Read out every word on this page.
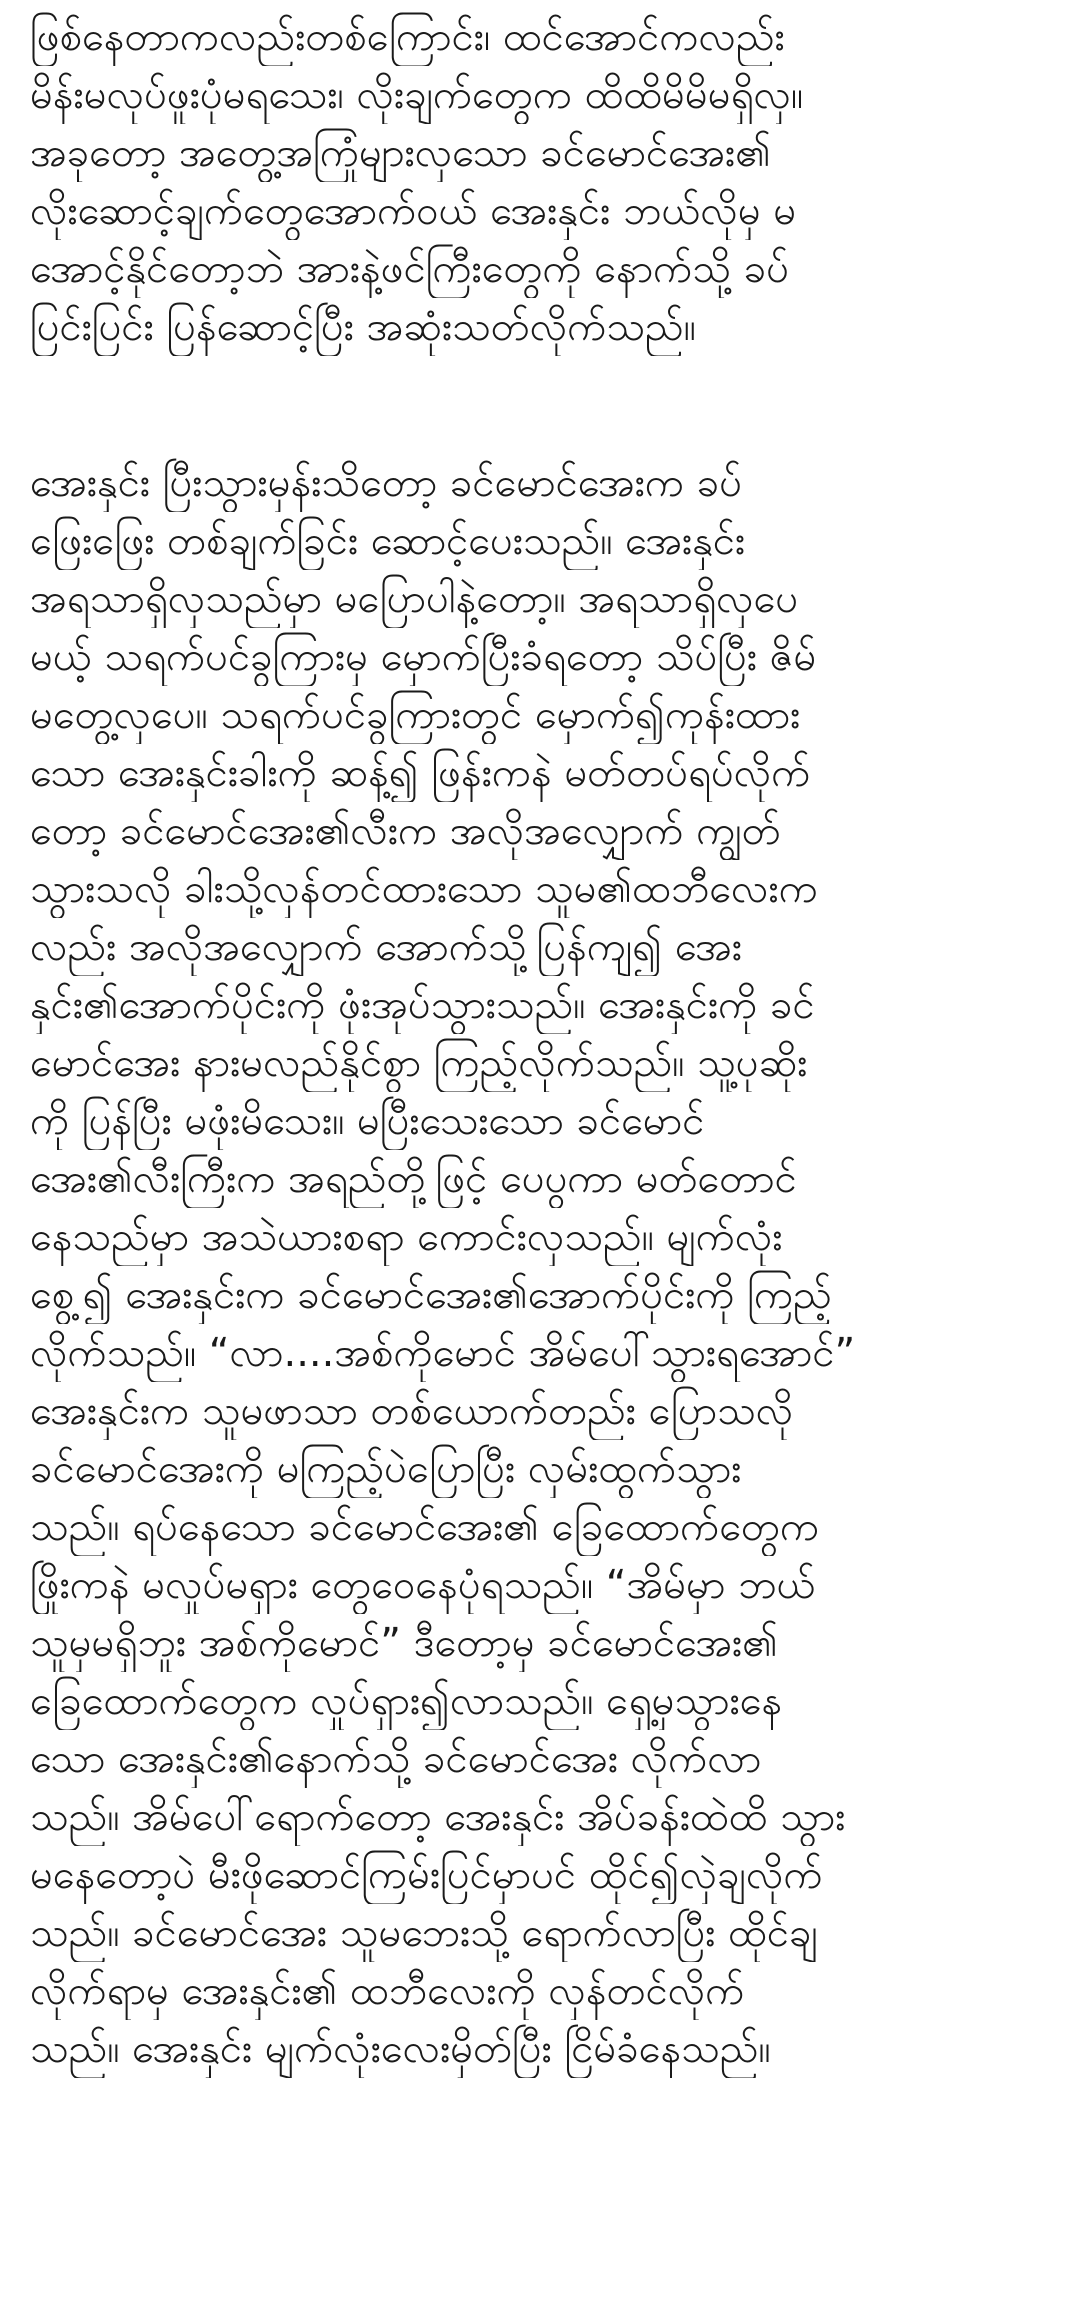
ဖြစ်နေတာကလည်းတစ်ကြောင်း၊ ထင်အောင်ကလည်း
မိန်းမလုပ်ဖူးပုံမရသေး၊ လိုးချက်တွေက ထိထိမိမိမရှိလှ။
အခုတော့ အတွေ့အကြုံများလှသော ခင်မောင်အေး၏
လိုးဆောင့်ချက်တွေအောက်ဝယ် အေးနှင်း ဘယ်လိုမှ မ
အောင့်နိုင်တော့ဘဲ အားနဲ့ဖင်ကြီးတွေကို နောက်သို့ ခပ်
ပြင်းပြင်း ပြန်ဆောင့်ပြီး အဆုံးသတ်လိုက်သည်။
အေးနှင်း ပြီးသွားမှန်းသိတော့ ခင်မောင်အေးက ခပ်
ဖြေးဖြေး တစ်ချက်ခြင်း ဆောင့်ပေးသည်။ အေးနှင်း
အရသာရှိလှသည်မှာ မပြောပါနဲ့တော့။ အရသာရှိလှပေ
မယ့် သရက်ပင်ခွကြားမှ မှောက်ပြီးခံရတော့ သိပ်ပြီး ဇိမ်
မတွေ့လှပေ။ သရက်ပင်ခွကြားတွင် မှောက်၍ကုန်းထား
သော အေးနှင်းခါးကို ဆန့်၍ ဖြန်းကနဲ မတ်တပ်ရပ်လိုက်
တော့ ခင်မောင်အေး၏လီးက အလိုအလျှောက် ကျွတ်
သွားသလို ခါးသို့လှန်တင်ထားသော သူမ၏ထဘီလေးက
လည်း အလိုအလျှောက် အောက်သို့ပြန်ကျ၍ အေး
နှင်း၏အောက်ပိုင်းကို ဖုံးအုပ်သွားသည်။ အေးနှင်းကို ခင်
မောင်အေး နားမလည်နိုင်စွာ ကြည့်လိုက်သည်။ သူ့ပုဆိုး
ကို ပြန်ပြီး မဖုံးမိသေး။ မပြီးသေးသော ခင်မောင်
အေး၏လီးကြီးက အရည်တို့ဖြင့် ပေပွကာ မတ်တောင်
နေသည်မှာ အသဲယားစရာ ကောင်းလှသည်။ မျက်လုံး
စွေ့၍ အေးနှင်းက ခင်မောင်အေး၏အောက်ပိုင်းကို ကြည့်
လိုက်သည်။ “လာ....အစ်ကိုမောင် အိမ်ပေါ်သွားရအောင်”
အေးနှင်းက သူမဖာသာ တစ်ယောက်တည်း ပြောသလို
ခင်မောင်အေးကို မကြည့်ပဲပြောပြီး လှမ်းထွက်သွား
သည်။ ရပ်နေသော ခင်မောင်အေး၏ ခြေထောက်တွေက
ဖြိုးကနဲ မလှုပ်မရှား တွေဝေနေပုံရသည်။ “အိမ်မှာ ဘယ်
သူမှမရှိဘူး အစ်ကိုမောင်” ဒီတော့မှ ခင်မောင်အေး၏
ခြေထောက်တွေက လှုပ်ရှား၍လာသည်။ ရှေ့မှသွားနေ
သော အေးနှင်း၏နောက်သို့ ခင်မောင်အေး လိုက်လာ
သည်။ အိမ်ပေါ်ရောက်တော့ အေးနှင်း အိပ်ခန်းထဲထိ သွား
မနေတော့ပဲ မီးဖိုဆောင်ကြမ်းပြင်မှာပင် ထိုင်၍လှဲချလိုက်
သည်။ ခင်မောင်အေး သူမဘေးသို့ ရောက်လာပြီး ထိုင်ချ
လိုက်ရာမှ အေးနှင်း၏ ထဘီလေးကို လှန်တင်လိုက်
သည်။ အေးနှင်း မျက်လုံးလေးမှိတ်ပြီး ငြိမ်ခံနေသည်။
